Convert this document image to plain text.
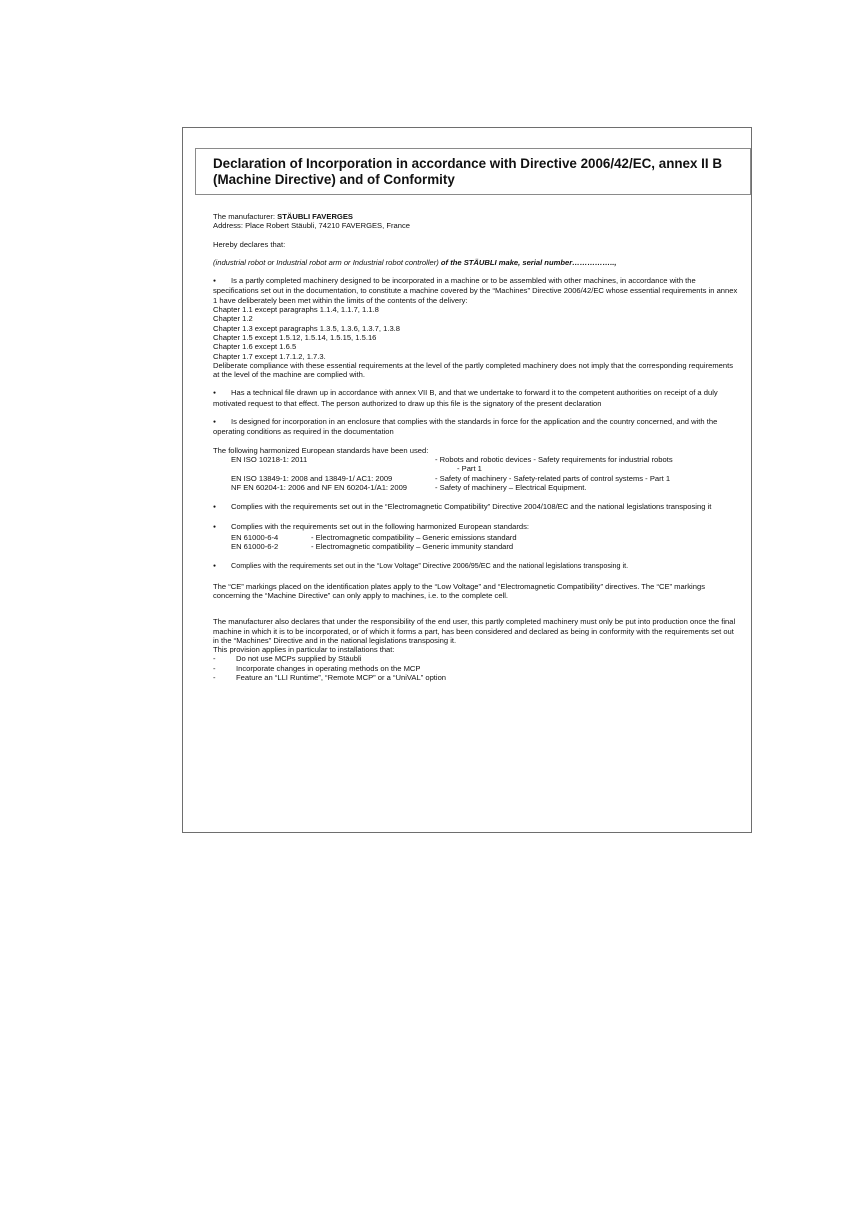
Declaration of Incorporation in accordance with Directive 2006/42/EC, annex II B (Machine Directive) and of Conformity

The manufacturer: STÄUBLI FAVERGES

Address: Place Robert Stäubli, 74210 FAVERGES, France

Hereby declares that:

(industrial robot or Industrial robot arm or Industrial robot controller) of the STÄUBLI make, serial number……………..,

● Is a partly completed machinery designed to be incorporated in a machine or to be assembled with other machines, in accordance with the specifications set out in the documentation, to constitute a machine covered by the “Machines” Directive 2006/42/EC whose essential requirements in annex 1 have deliberately been met within the limits of the contents of the delivery:

Chapter 1.1 except paragraphs 1.1.4, 1.1.7, 1.1.8

Chapter 1.2

Chapter 1.3 except paragraphs 1.3.5, 1.3.6, 1.3.7, 1.3.8

Chapter 1.5 except 1.5.12, 1.5.14, 1.5.15, 1.5.16

Chapter 1.6 except 1.6.5

Chapter 1.7 except 1.7.1.2, 1.7.3.

Deliberate compliance with these essential requirements at the level of the partly completed machinery does not imply that the corresponding requirements at the level of the machine are complied with.

● Has a technical file drawn up in accordance with annex VII B, and that we undertake to forward it to the competent authorities on receipt of a duly motivated request to that effect. The person authorized to draw up this file is the signatory of the present declaration

● Is designed for incorporation in an enclosure that complies with the standards in force for the application and the country concerned, and with the operating conditions as required in the documentation

The following harmonized European standards have been used:

EN ISO 10218-1: 2011	- Robots and robotic devices - Safety requirements for industrial robots
- Part 1
EN ISO 13849-1: 2008 and 13849-1/ AC1: 2009	- Safety of machinery - Safety-related parts of control systems - Part 1
NF EN 60204-1: 2006 and NF EN 60204-1/A1: 2009	- Safety of machinery – Electrical Equipment.

● Complies with the requirements set out in the “Electromagnetic Compatibility” Directive 2004/108/EC and the national legislations transposing it

● Complies with the requirements set out in the following harmonized European standards:

EN 61000-6-4	- Electromagnetic compatibility – Generic emissions standard
EN 61000-6-2	- Electromagnetic compatibility – Generic immunity standard

● Complies with the requirements set out in the “Low Voltage” Directive 2006/95/EC and the national legislations transposing it.

The “CE” markings placed on the identification plates apply to the “Low Voltage” and “Electromagnetic Compatibility” directives. The “CE” markings concerning the “Machine Directive” can only apply to machines, i.e. to the complete cell.

The manufacturer also declares that under the responsibility of the end user, this partly completed machinery must only be put into production once the final machine in which it is to be incorporated, or of which it forms a part, has been considered and declared as being in conformity with the requirements set out in the “Machines” Directive and in the national legislations transposing it.

This provision applies in particular to installations that:

-	Do not use MCPs supplied by Stäubli
-	Incorporate changes in operating methods on the MCP
-	Feature an “LLI Runtime”, “Remote MCP” or a “UniVAL” option
